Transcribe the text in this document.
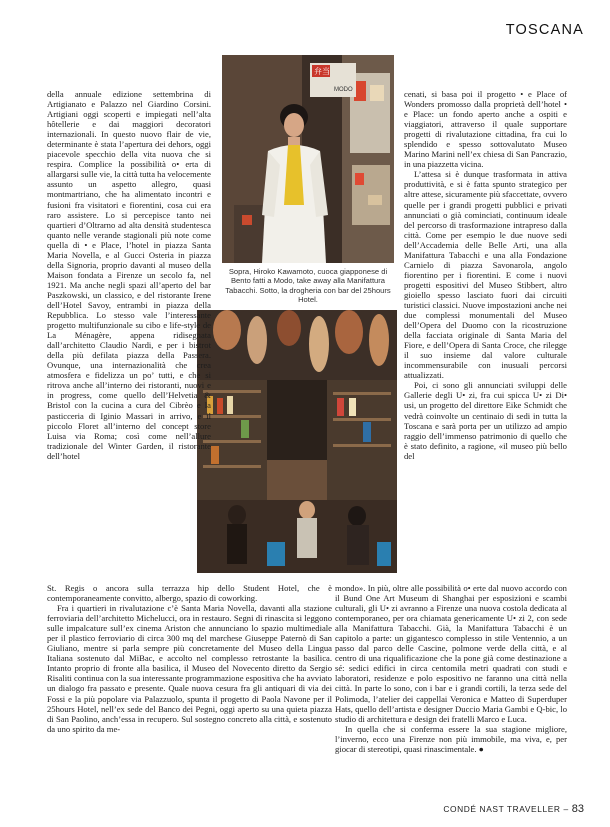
TOSCANA
弁当
MODO
Sopra, Hiroko Kawamoto, cuoca giapponese di Bento fatti a Modo, take away alla Manifattura Tabacchi. Sotto, la drogheria con bar del 25hours Hotel.

della annuale edizione settembrina di Artigianato e Palazzo nel Giardino Corsini. Artigiani oggi scoperti e impiegati nell’alta hôtellerie e dai maggiori decoratori internazionali. In questo nuovo flair de vie, determinante è stata l’apertura dei dehors, oggi piacevole specchio della vita nuova che si respira. Complice la possibilità o• erta di allargarsi sulle vie, la città tutta ha velocemente assunto un aspetto allegro, quasi montmartriano, che ha alimentato incontri e fusioni fra visitatori e fiorentini, cosa cui era raro assistere. Lo si percepisce tanto nei quartieri d’Oltrarno ad alta densità studentesca quanto nelle verande stagionali più note come quella di • e Place, l’hotel in piazza Santa Maria Novella, e al Gucci Osteria in piazza della Signoria, proprio davanti al museo della Maison fondata a Firenze un secolo fa, nel 1921. Ma anche negli spazi all’aperto del bar Paszkowski, un classico, e del ristorante Irene dell’Hotel Savoy, entrambi in piazza della Repubblica. Lo stesso vale l’interessante progetto multifunzionale su cibo e life-style de La Ménagère, appena ridisegnata dall’architetto Claudio Nardi, e per i bistrot della più defilata piazza della Passera. Ovunque, una internazionalità che crea atmosfera e fidelizza un po’ tutti, e che si ritrova anche all’interno dei ristoranti, nuovi e in progress, come quello dell’Helvetia & Bristol con la cucina a cura del Cibrèo e la pasticceria di Iginio Massari in arrivo, e il piccolo Floret all’interno del concept store Luisa via Roma; così come nell’allure tradizionale del Winter Garden, il ristorante dell’hotel

cenati, si basa poi il progetto • e Place of Wonders promosso dalla proprietà dell’hotel • e Place: un fondo aperto anche a ospiti e viaggiatori, attraverso il quale supportare progetti di rivalutazione cittadina, fra cui lo splendido e spesso sottovalutato Museo Marino Marini nell’ex chiesa di San Pancrazio, in una piazzetta vicina.

L’attesa si è dunque trasformata in attiva produttività, e si è fatta spunto strategico per altre attese, sicuramente più sfaccettate, ovvero quelle per i grandi progetti pubblici e privati annunciati o già cominciati, continuum ideale del percorso di trasformazione intrapreso dalla città. Come per esempio le due nuove sedi dell’Accademia delle Belle Arti, una alla Manifattura Tabacchi e una alla Fondazione Carnielo di piazza Savonarola, angolo fiorentino per i fiorentini. E come i nuovi progetti espositivi del Museo Stibbert, altro gioiello spesso lasciato fuori dai circuiti turistici classici. Nuove impostazioni anche nei due complessi monumentali del Museo dell’Opera del Duomo con la ricostruzione della facciata originale di Santa Maria del Fiore, e dell’Opera di Santa Croce, che rilegge il suo insieme dal valore culturale incommensurabile con inusuali percorsi attualizzati.

Poi, ci sono gli annunciati sviluppi delle Gallerie degli U• zi, fra cui spicca U• zi Di• usi, un progetto del direttore Eike Schmidt che vedrà coinvolte un centinaio di sedi in tutta la Toscana e sarà porta per un utilizzo ad ampio raggio dell’immenso patrimonio di quello che è stato definito, a ragione, «il museo più bello del

St. Regis o ancora sulla terrazza hip dello Student Hotel, che è contemporaneamente convitto, albergo, spazio di coworking.

Fra i quartieri in rivalutazione c’è Santa Maria Novella, davanti alla stazione ferroviaria dell’architetto Michelucci, ora in restauro. Segni di rinascita si leggono sulle impalcature sull’ex cinema Ariston che annunciano lo spazio multimediale per il plastico ferroviario di circa 300 mq del marchese Giuseppe Paternò di San Giuliano, mentre si parla sempre più concretamente del Museo della Lingua Italiana sostenuto dal MiBac, e accolto nel complesso retrostante la basilica. Intanto proprio di fronte alla basilica, il Museo del Novecento diretto da Sergio Risaliti continua con la sua interessante programmazione espositiva che ha avviato un dialogo fra passato e presente. Quale nuova cesura fra gli antiquari di via dei Fossi e la più popolare via Palazzuolo, spunta il progetto di Paola Navone per il 25hours Hotel, nell’ex sede del Banco dei Pegni, oggi aperto su una quieta piazza di San Paolino, anch’essa in recupero. Sul sostegno concreto alla città, e sostenuto da uno spirito da me-

mondo». In più, oltre alle possibilità o• erte dal nuovo accordo con il Bund One Art Museum di Shanghai per esposizioni e scambi culturali, gli U• zi avranno a Firenze una nuova costola dedicata al contemporaneo, per ora chiamata genericamente U• zi 2, con sede alla Manifattura Tabacchi. Già, la Manifattura Tabacchi è un capitolo a parte: un gigantesco complesso in stile Ventennio, a un passo dal parco delle Cascine, polmone verde della città, e al centro di una riqualificazione che la pone già come destinazione a sé: sedici edifici in circa centomila metri quadrati con studi e laboratori, residenze e polo espositivo ne faranno una città nella città. In parte lo sono, con i bar e i grandi cortili, la terza sede del Polimoda, l’atelier dei cappellai Veronica e Matteo di Superduper Hats, quello dell’artista e designer Duccio Maria Gambi e Q-bic, lo studio di architettura e design dei fratelli Marco e Luca.

In quella che si conferma essere la sua stagione migliore, l’inverno, ecco una Firenze non più immobile, ma viva, e, per giocar di stereotipi, quasi rinascimentale. ●

CONDÉ NAST TRAVELLER – 83
